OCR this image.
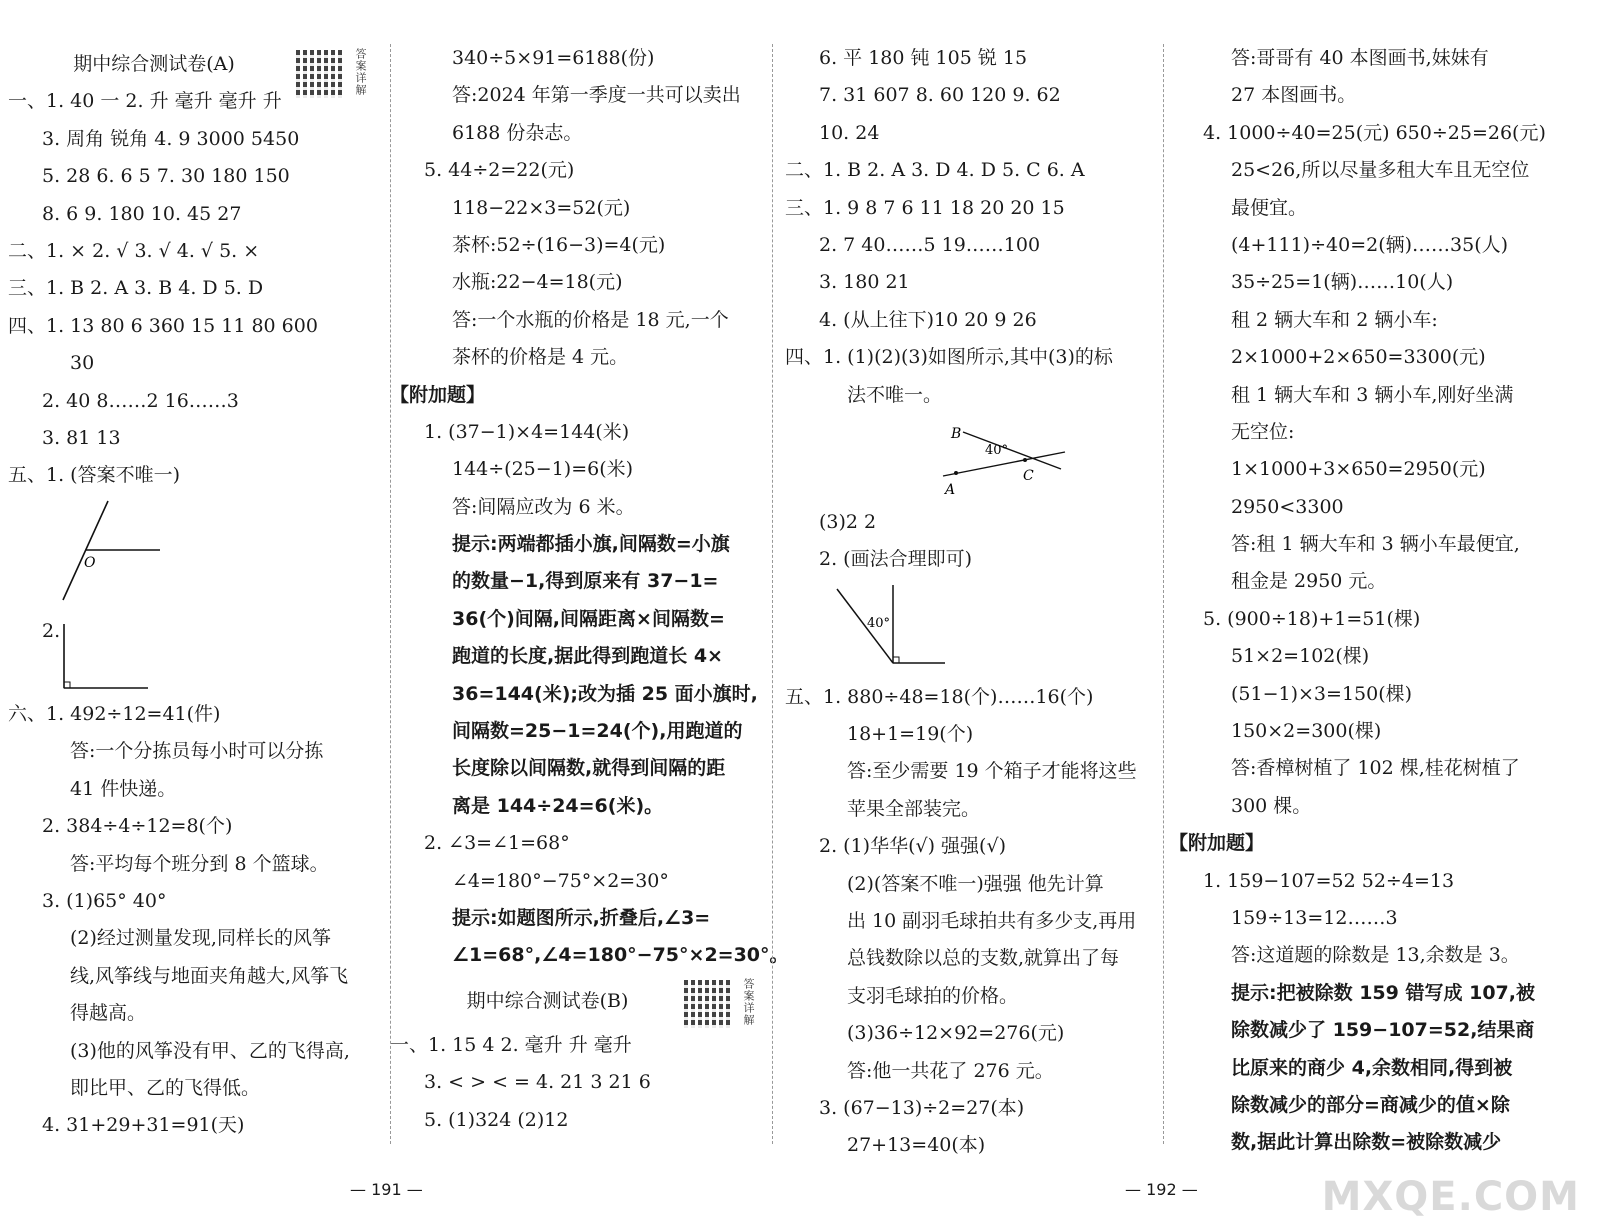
期中综合测试卷(A)
一、1. 40 一 2. 升 毫升 毫升 升
3. 周角 锐角 4. 9 3000 5450
5. 28 6. 6 5 7. 30 180 150
8. 6 9. 180 10. 45 27
二、1. × 2. √ 3. √ 4. √ 5. ×
三、1. B 2. A 3. B 4. D 5. D
四、1. 13 80 6 360 15 11 80 600
30
2. 40 8……2 16……3
3. 81 13
五、1. (答案不唯一)
O
2.
六、1. 492÷12=41(件)
答:一个分拣员每小时可以分拣
41 件快递。
2. 384÷4÷12=8(个)
答:平均每个班分到 8 个篮球。
3. (1)65° 40°
(2)经过测量发现,同样长的风筝
线,风筝线与地面夹角越大,风筝飞
得越高。
(3)他的风筝没有甲、乙的飞得高,
即比甲、乙的飞得低。
4. 31+29+31=91(天)
答案详解	340÷5×91=6188(份)
答:2024 年第一季度一共可以卖出
6188 份杂志。
5. 44÷2=22(元)
118−22×3=52(元)
茶杯:52÷(16−3)=4(元)
水瓶:22−4=18(元)
答:一个水瓶的价格是 18 元,一个
茶杯的价格是 4 元。
【附加题】
1. (37−1)×4=144(米)
144÷(25−1)=6(米)
答:间隔应改为 6 米。
提示:两端都插小旗,间隔数=小旗
的数量−1,得到原来有 37−1=
36(个)间隔,间隔距离×间隔数=
跑道的长度,据此得到跑道长 4×
36=144(米);改为插 25 面小旗时,
间隔数=25−1=24(个),用跑道的
长度除以间隔数,就得到间隔的距
离是 144÷24=6(米)。
2. ∠3=∠1=68°
∠4=180°−75°×2=30°
提示:如题图所示,折叠后,∠3=
∠1=68°,∠4=180°−75°×2=30°。
期中综合测试卷(B)
一、1. 15 4 2. 毫升 升 毫升
3. < > < = 4. 21 3 21 6
5. (1)324 (2)12
答案详解
— 191 —
6. 平 180 钝 105 锐 15
7. 31 607 8. 60 120 9. 62
10. 24
二、1. B 2. A 3. D 4. D 5. C 6. A
三、1. 9 8 7 6 11 18 20 20 15
2. 7 40……5 19……100
3. 180 21
4. (从上往下)10 20 9 26
四、1. (1)(2)(3)如图所示,其中(3)的标
法不唯一。
B
A
C
40°
(3)2 2
2. (画法合理即可)
40°
五、1. 880÷48=18(个)……16(个)
18+1=19(个)
答:至少需要 19 个箱子才能将这些
苹果全部装完。
2. (1)华华(√) 强强(√)
(2)(答案不唯一)强强 他先计算
出 10 副羽毛球拍共有多少支,再用
总钱数除以总的支数,就算出了每
支羽毛球拍的价格。
(3)36÷12×92=276(元)
答:他一共花了 276 元。
3. (67−13)÷2=27(本)
27+13=40(本)
答:哥哥有 40 本图画书,妹妹有
27 本图画书。
4. 1000÷40=25(元) 650÷25=26(元)
25<26,所以尽量多租大车且无空位
最便宜。
(4+111)÷40=2(辆)……35(人)
35÷25=1(辆)……10(人)
租 2 辆大车和 2 辆小车:
2×1000+2×650=3300(元)
租 1 辆大车和 3 辆小车,刚好坐满
无空位:
1×1000+3×650=2950(元)
2950<3300
答:租 1 辆大车和 3 辆小车最便宜,
租金是 2950 元。
5. (900÷18)+1=51(棵)
51×2=102(棵)
(51−1)×3=150(棵)
150×2=300(棵)
答:香樟树植了 102 棵,桂花树植了
300 棵。
【附加题】
1. 159−107=52 52÷4=13
159÷13=12……3
答:这道题的除数是 13,余数是 3。
提示:把被除数 159 错写成 107,被
除数减少了 159−107=52,结果商
比原来的商少 4,余数相同,得到被
除数减少的部分=商减少的值×除
数,据此计算出除数=被除数减少
— 192 —	MXQE.COM
